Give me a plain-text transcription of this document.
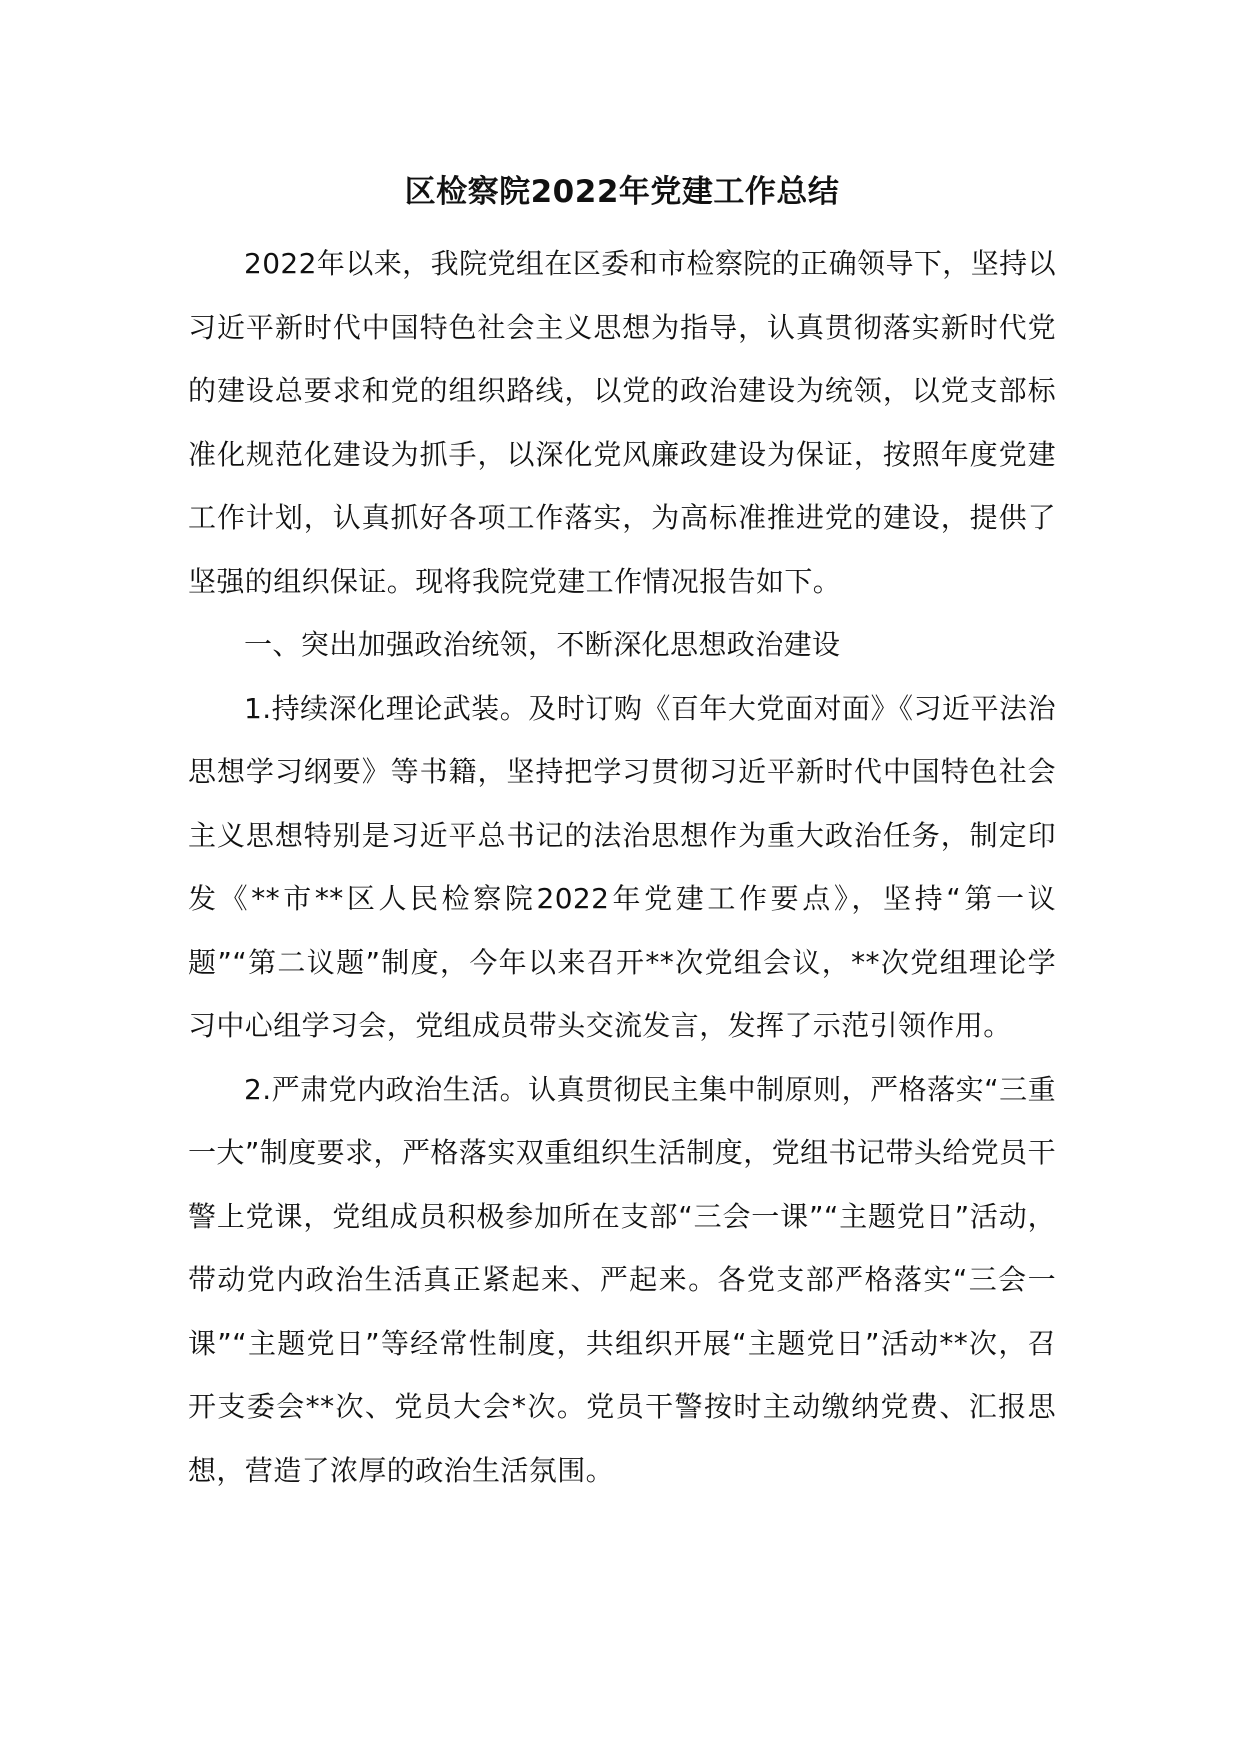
区检察院2022年党建工作总结

2022年以来，我院党组在区委和市检察院的正确领导下，坚持以习近平新时代中国特色社会主义思想为指导，认真贯彻落实新时代党的建设总要求和党的组织路线，以党的政治建设为统领，以党支部标准化规范化建设为抓手，以深化党风廉政建设为保证，按照年度党建工作计划，认真抓好各项工作落实，为高标准推进党的建设，提供了坚强的组织保证。现将我院党建工作情况报告如下。

一、突出加强政治统领，不断深化思想政治建设

1.持续深化理论武装。及时订购《百年大党面对面》《习近平法治思想学习纲要》等书籍，坚持把学习贯彻习近平新时代中国特色社会主义思想特别是习近平总书记的法治思想作为重大政治任务，制定印发《**市**区人民检察院2022年党建工作要点》，坚持“第一议题”“第二议题”制度，今年以来召开**次党组会议，**次党组理论学习中心组学习会，党组成员带头交流发言，发挥了示范引领作用。

2.严肃党内政治生活。认真贯彻民主集中制原则，严格落实“三重一大”制度要求，严格落实双重组织生活制度，党组书记带头给党员干警上党课，党组成员积极参加所在支部“三会一课”“主题党日”活动，带动党内政治生活真正紧起来、严起来。各党支部严格落实“三会一课”“主题党日”等经常性制度，共组织开展“主题党日”活动**次，召开支委会**次、党员大会*次。党员干警按时主动缴纳党费、汇报思想，营造了浓厚的政治生活氛围。
